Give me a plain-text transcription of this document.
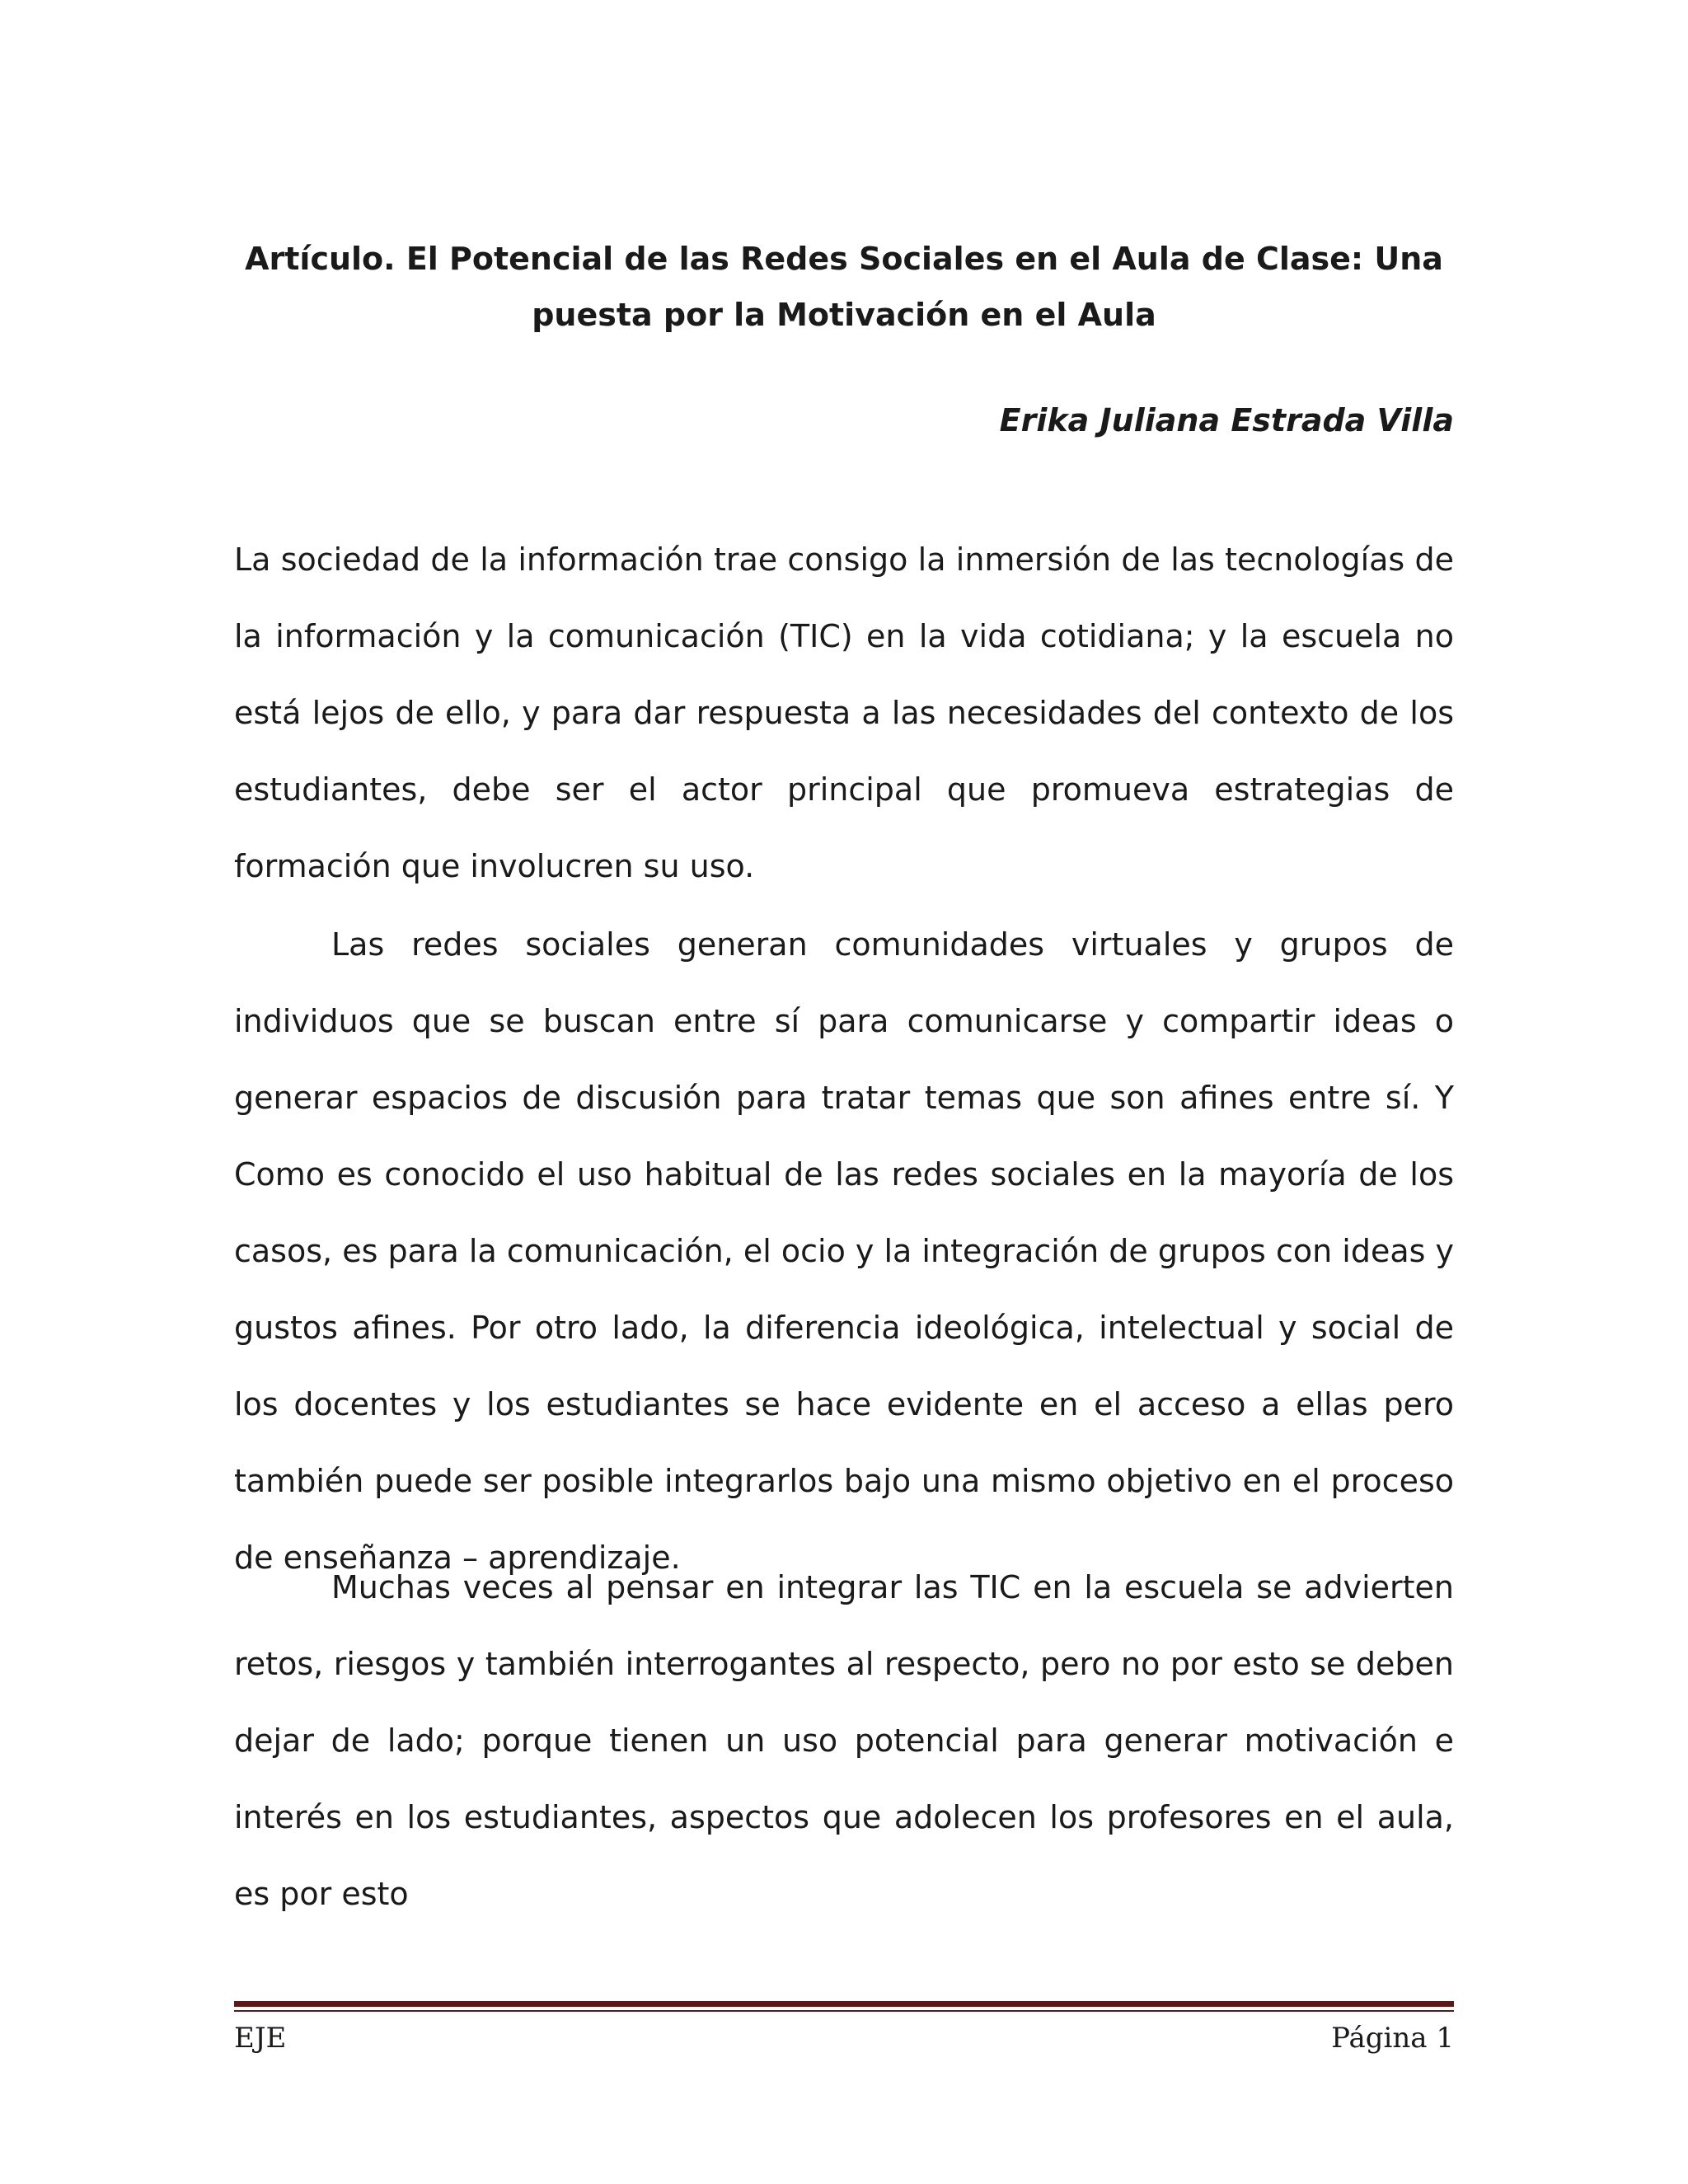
Artículo. El Potencial de las Redes Sociales en el Aula de Clase: Una
puesta por la Motivación en el Aula

Erika Juliana Estrada Villa

La sociedad de la información trae consigo la inmersión de las tecnologías de la información y la comunicación (TIC) en la vida cotidiana; y la escuela no está lejos de ello, y para dar respuesta a las necesidades del contexto de los estudiantes, debe ser el actor principal que promueva estrategias de formación que involucren su uso.

Las redes sociales generan comunidades virtuales y grupos de individuos que se buscan entre sí para comunicarse y compartir ideas o generar espacios de discusión para tratar temas que son afines entre sí. Y Como es conocido el uso habitual de las redes sociales en la mayoría de los casos, es para la comunicación, el ocio y la integración de grupos con ideas y gustos afines. Por otro lado, la diferencia ideológica, intelectual y social de los docentes y los estudiantes se hace evidente en el acceso a ellas pero también puede ser posible integrarlos bajo una mismo objetivo en el proceso de enseñanza – aprendizaje.

Muchas veces al pensar en integrar las TIC en la escuela se advierten retos, riesgos y también interrogantes al respecto, pero no por esto se deben dejar de lado; porque tienen un uso potencial para generar motivación e interés en los estudiantes, aspectos que adolecen los profesores en el aula, es por esto

EJE	Página 1
